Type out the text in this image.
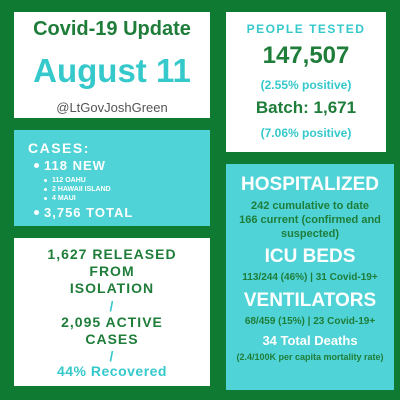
Covid-19 Update
August 11
@LtGovJoshGreen
PEOPLE TESTED
147,507
(2.55% positive)
Batch: 1,671
(7.06% positive)
CASES:
118 NEW
112 OAHU
2 HAWAII ISLAND
4 MAUI
3,756 TOTAL
1,627 RELEASED
FROM
ISOLATION
/
2,095 ACTIVE
CASES
/
44% Recovered
HOSPITALIZED
242 cumulative to date
166 current (confirmed and
suspected)
ICU BEDS
113/244 (46%) | 31 Covid-19+
VENTILATORS
68/459 (15%) | 23 Covid-19+
34 Total Deaths
(2.4/100K per capita mortality rate)
